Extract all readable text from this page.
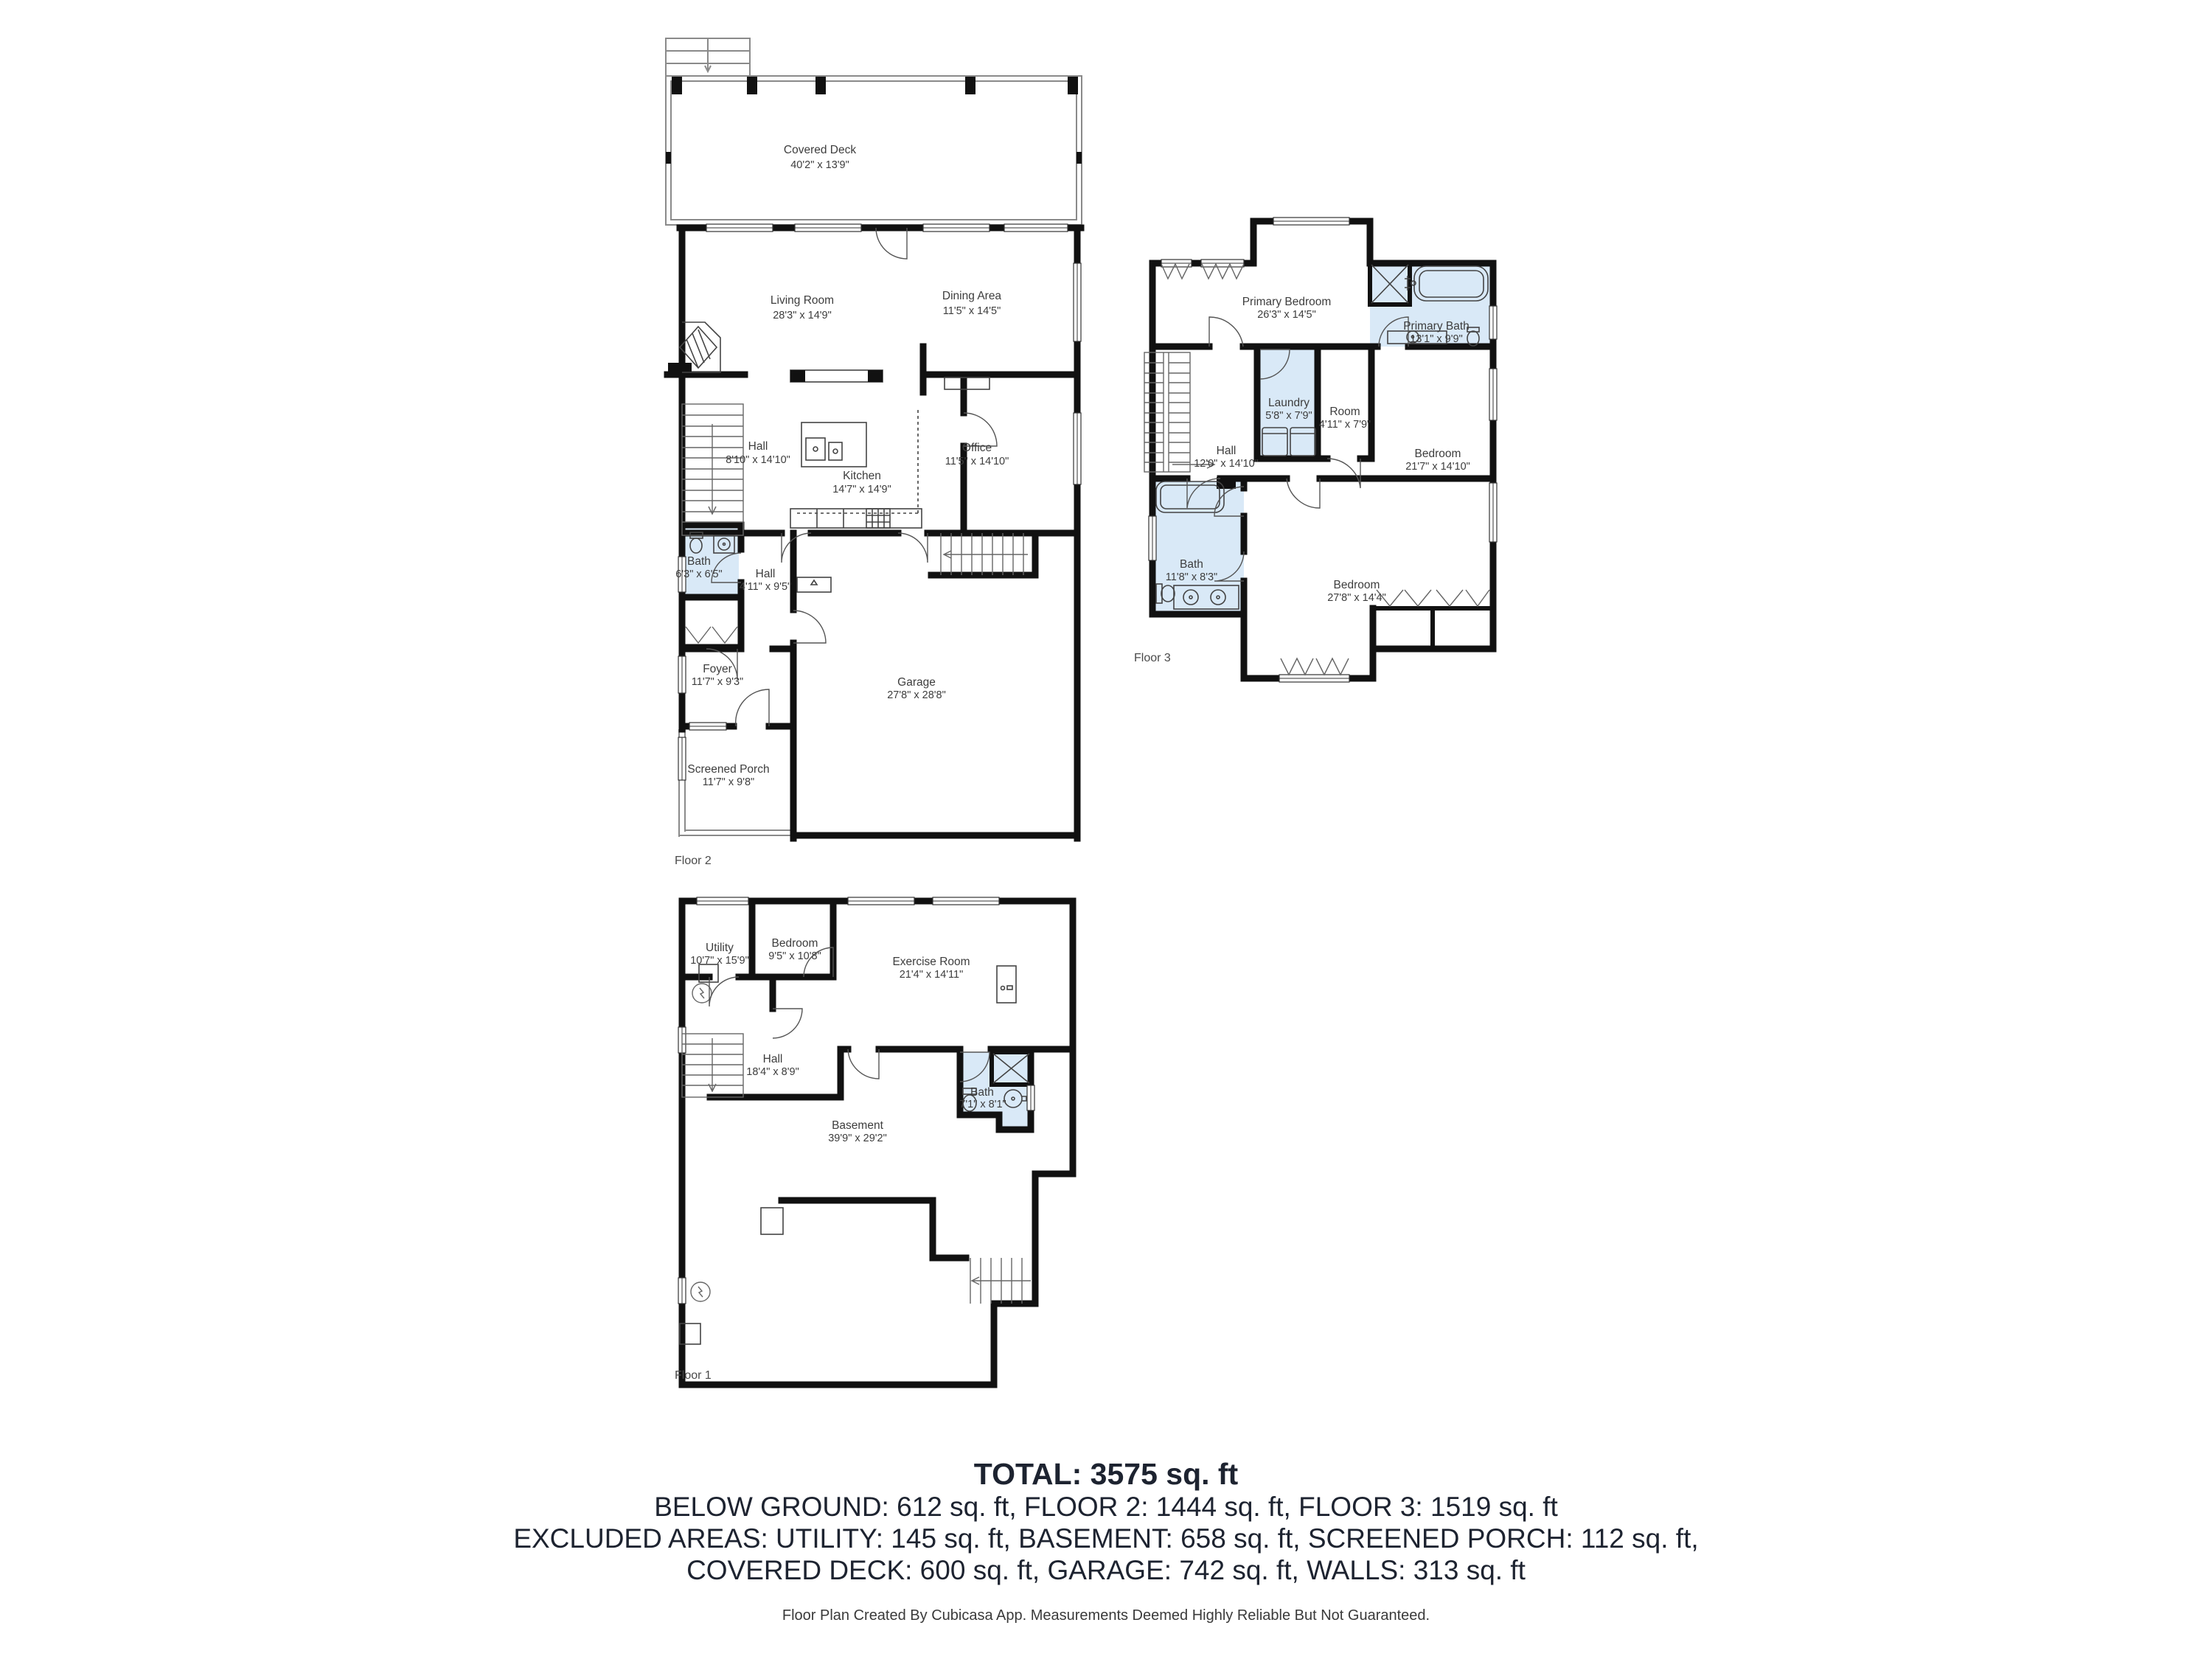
Covered Deck
40'2" x 13'9"
Living Room
28'3" x 14'9"
Dining Area
11'5" x 14'5"
Hall
8'10" x 14'10"
Kitchen
14'7" x 14'9"
Office
11'5" x 14'10"
Bath
6'3" x 6'5"	Hall
4'11" x 9'5"
Foyer
11'7" x 9'3"	Garage
27'8" x 28'8"
Screened Porch
11'7" x 9'8"
Floor 2
Primary Bedroom
26'3" x 14'5"
Primary Bath
13'1" x 9'9"
Laundry
5'8" x 7'9" Room
4'11" x 7'9"
Hall
12'0" x 14'10"
Bedroom
21'7" x 14'10"
Bath
11'8" x 8'3"
Bedroom
27'8" x 14'4"
Floor 3
Utility
10'7" x 15'9"
Bedroom
9'5" x 10'8"	Exercise Room
21'4" x 14'11"
Hall
18'4" x 8'9"
Bath
7'1" x 8'1"
Basement
39'9" x 29'2"
Floor 1
TOTAL: 3575 sq. ft
BELOW GROUND: 612 sq. ft, FLOOR 2: 1444 sq. ft, FLOOR 3: 1519 sq. ft
EXCLUDED AREAS: UTILITY: 145 sq. ft, BASEMENT: 658 sq. ft, SCREENED PORCH: 112 sq. ft,
COVERED DECK: 600 sq. ft, GARAGE: 742 sq. ft, WALLS: 313 sq. ft
Floor Plan Created By Cubicasa App. Measurements Deemed Highly Reliable But Not Guaranteed.
